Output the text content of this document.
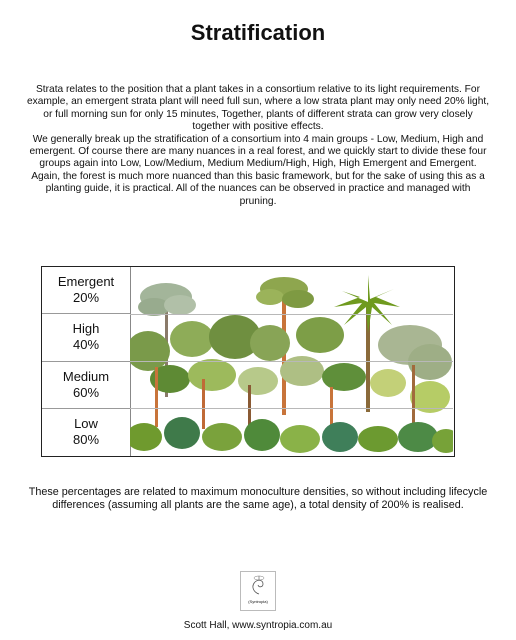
Stratification

Strata relates to the position that a plant takes in a consortium relative to its light requirements. For example, an emergent strata plant will need full sun, where a low strata plant may only need 20% light, or full morning sun for only 15 minutes, Together, plants of different strata can grow very closely together with positive effects.

We generally break up the stratification of a consortium into 4 main groups - Low, Medium, High and emergent. Of course there are many nuances in a real forest, and we quickly start to divide these four groups again into Low, Low/Medium, Medium Medium/High, High, High Emergent and Emergent. Again, the forest is much more nuanced than this basic framework, but for the sake of using this as a planting guide, it is practical. All of the nuances can be observed in practice and managed with pruning.

Emergent
20%
High
40%
Medium
60%
Low
80%

These percentages are related to maximum monoculture densities, so without including lifecycle differences (assuming all plants are the same age), a total density of 200% is realised.

(Syntropia)

Scott Hall, www.syntropia.com.au
